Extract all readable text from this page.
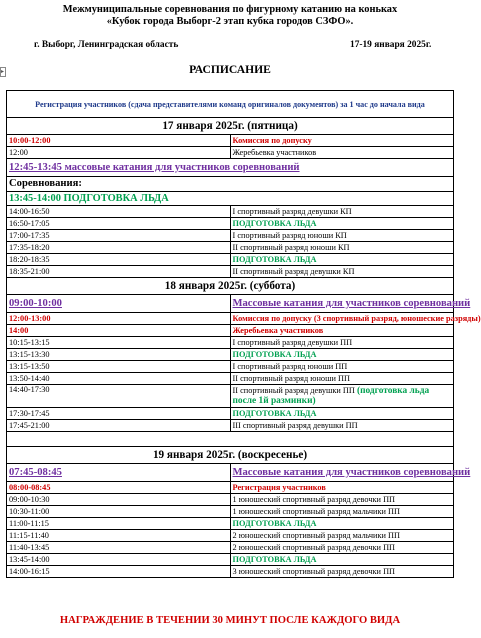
Межмуниципальные соревнования по фигурному катанию на коньках
«Кубок города Выборг-2 этап кубка городов СЗФО».
г. Выборг, Ленинградская область	17-19 января 2025г.
▸	РАСПИСАНИЕ
Регистрация участников (сдача представителями команд оригиналов документов) за 1 час до начала вида	
17 января 2025г. (пятница)	
10:00-12:00	Комиссия по допуску
12:00	Жеребьевка участников
12:45-13:45 массовые катания для участников соревнований	
Соревнования:	
13:45-14:00 ПОДГОТОВКА ЛЬДА	
14:00-16:50	I спортивный разряд девушки КП
16:50-17:05	ПОДГОТОВКА ЛЬДА
17:00-17:35	I спортивный разряд юноши КП
17:35-18:20	II спортивный разряд юноши КП
18:20-18:35	ПОДГОТОВКА ЛЬДА
18:35-21:00	II спортивный разряд девушки КП
18 января 2025г. (суббота)	
09:00-10:00	Массовые катания для участников соревнований
12:00-13:00	Комиссия по допуску (3 спортивный разряд, юношеские разряды)
14:00	Жеребьевка участников
10:15-13:15	I спортивный разряд девушки ПП
13:15-13:30	ПОДГОТОВКА ЛЬДА
13:15-13:50	I спортивный разряд юноши ПП
13:50-14:40	II спортивный разряд юноши ПП
14:40-17:30	II спортивный разряд девушки ПП (подготовка льда после 1й разминки)
17:30-17:45	ПОДГОТОВКА ЛЬДА
17:45-21:00	III спортивный разряд девушки ПП

19 января 2025г. (воскресенье)	
07:45-08:45	Массовые катания для участников соревнований
08:00-08:45	Регистрация участников
09:00-10:30	1 юношеский спортивный разряд девочки ПП
10:30-11:00	1 юношеский спортивный разряд мальчики ПП
11:00-11:15	ПОДГОТОВКА ЛЬДА
11:15-11:40	2 юношеский спортивный разряд мальчики ПП
11:40-13:45	2 юношеский спортивный разряд девочки ПП
13:45-14:00	ПОДГОТОВКА ЛЬДА
14:00-16:15	3 юношеский спортивный разряд девочки ПП
НАГРАЖДЕНИЕ В ТЕЧЕНИИ 30 МИНУТ ПОСЛЕ КАЖДОГО ВИДА
